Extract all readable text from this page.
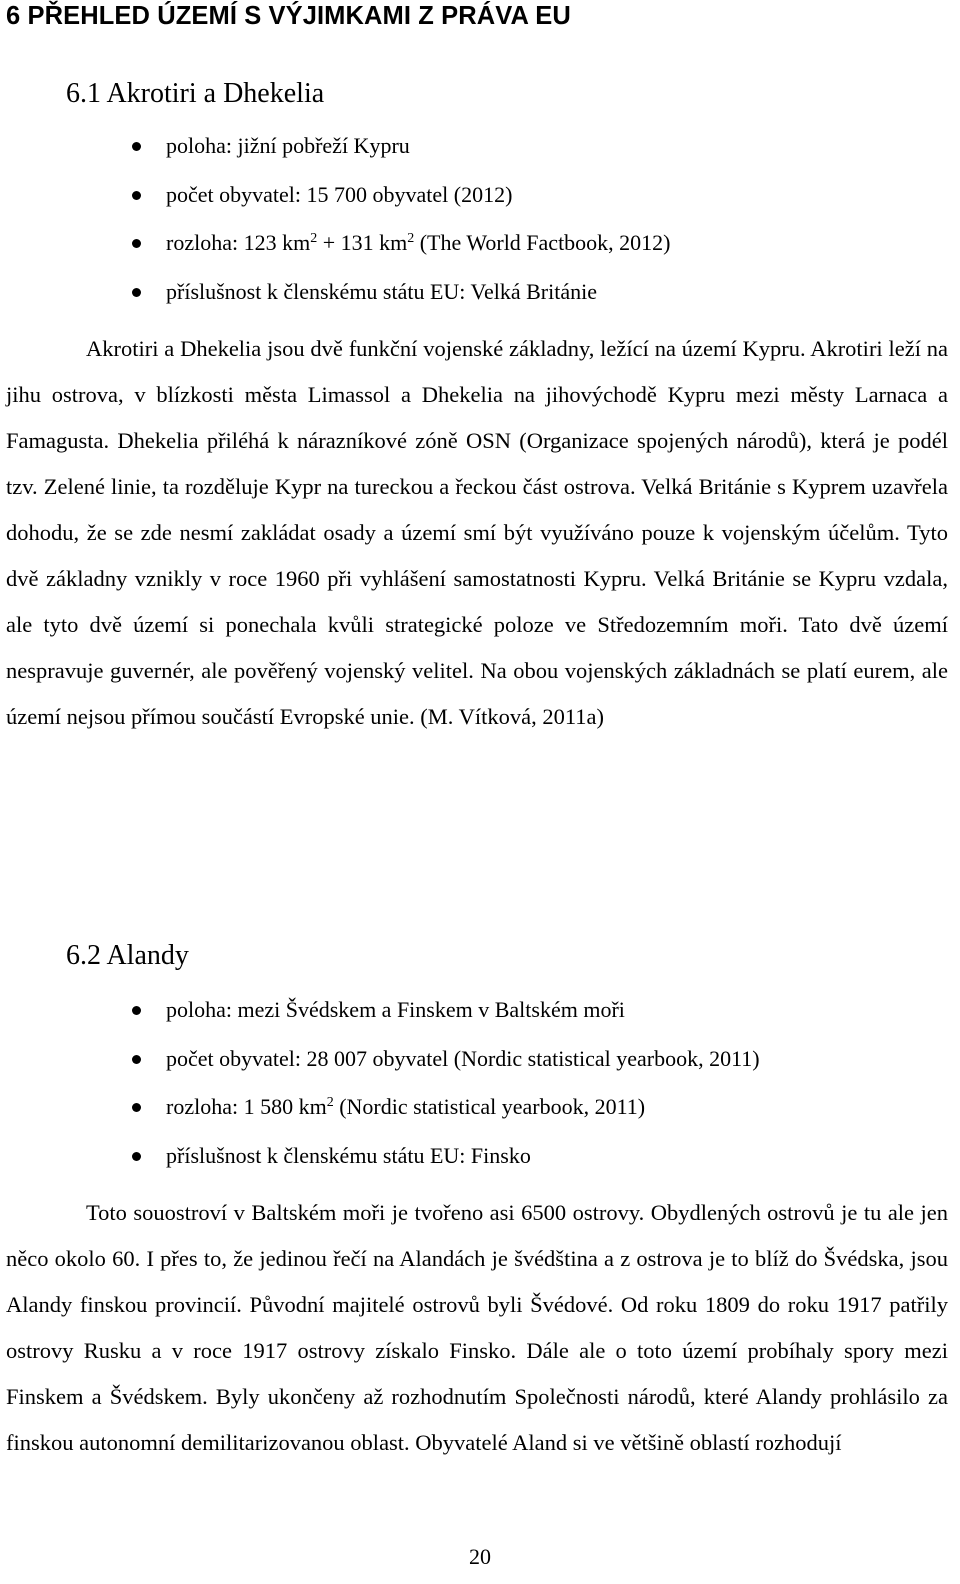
6 PŘEHLED ÚZEMÍ S VÝJIMKAMI Z PRÁVA EU
6.1 Akrotiri a Dhekelia
poloha: jižní pobřeží Kypru
počet obyvatel: 15 700 obyvatel (2012)
rozloha: 123 $km^2 + 131$ $km^2$ (The World Factbook, 2012)
příslušnost k členskému státu EU: Velká Británie

Akrotiri a Dhekelia jsou dvě funkční vojenské základny, ležící na území Kypru. Akrotiri leží na jihu ostrova, v blízkosti města Limassol a Dhekelia na jihovýchodě Kypru mezi městy Larnaca a Famagusta. Dhekelia přiléhá k nárazníkové zóně OSN (Organizace spojených národů), která je podél tzv. Zelené linie, ta rozděluje Kypr na tureckou a řeckou část ostrova. Velká Británie s Kyprem uzavřela dohodu, že se zde nesmí zakládat osady a území smí být využíváno pouze k vojenským účelům. Tyto dvě základny vznikly v roce 1960 při vyhlášení samostatnosti Kypru. Velká Británie se Kypru vzdala, ale tyto dvě území si ponechala kvůli strategické poloze ve Středozemním moři. Tato dvě území nespravuje guvernér, ale pověřený vojenský velitel. Na obou vojenských základnách se platí eurem, ale území nejsou přímou součástí Evropské unie. (M. Vítková, 2011a)

6.2 Alandy
poloha: mezi Švédskem a Finskem v Baltském moři
počet obyvatel: 28 007 obyvatel (Nordic statistical yearbook, 2011)
rozloha: 1 580 $km^2$ (Nordic statistical yearbook, 2011)
příslušnost k členskému státu EU: Finsko

Toto souostroví v Baltském moři je tvořeno asi 6500 ostrovy. Obydlených ostrovů je tu ale jen něco okolo 60. I přes to, že jedinou řečí na Alandách je švédština a z ostrova je to blíž do Švédska, jsou Alandy finskou provincií. Původní majitelé ostrovů byli Švédové. Od roku 1809 do roku 1917 patřily ostrovy Rusku a v roce 1917 ostrovy získalo Finsko. Dále ale o toto území probíhaly spory mezi Finskem a Švédskem. Byly ukončeny až rozhodnutím Společnosti národů, které Alandy prohlásilo za finskou autonomní demilitarizovanou oblast. Obyvatelé Aland si ve většině oblastí rozhodují

20
